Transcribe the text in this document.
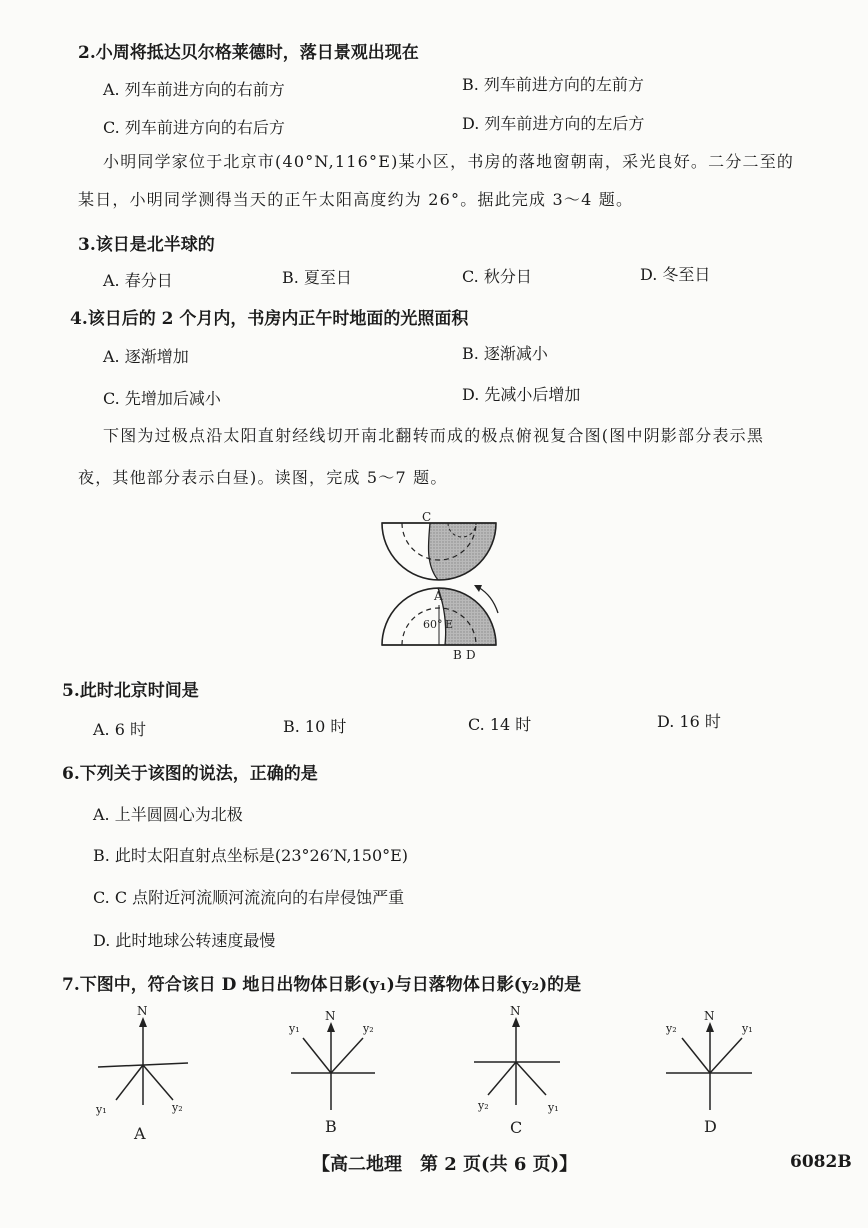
2.小周将抵达贝尔格莱德时，落日景观出现在
A. 列车前进方向的右前方	B. 列车前进方向的左前方
C. 列车前进方向的右后方	D. 列车前进方向的左后方
小明同学家位于北京市(40°N,116°E)某小区，书房的落地窗朝南，采光良好。二分二至的
某日，小明同学测得当天的正午太阳高度约为 26°。据此完成 3～4 题。
3.该日是北半球的
A. 春分日	B. 夏至日	C. 秋分日	D. 冬至日
4.该日后的 2 个月内，书房内正午时地面的光照面积
A. 逐渐增加	B. 逐渐减小
C. 先增加后减小	D. 先减小后增加
下图为过极点沿太阳直射经线切开南北翻转而成的极点俯视复合图(图中阴影部分表示黑
夜，其他部分表示白昼)。读图，完成 5～7 题。
C
A
60° E
B D
5.此时北京时间是
A. 6 时	B. 10 时	C. 14 时	D. 16 时
6.下列关于该图的说法，正确的是
A. 上半圆圆心为北极
B. 此时太阳直射点坐标是(23°26′N,150°E)
C. C 点附近河流顺河流流向的右岸侵蚀严重
D. 此时地球公转速度最慢
7.下图中，符合该日 D 地日出物体日影(y₁)与日落物体日影(y₂)的是
N
y₁	y₂
A
N
y₁	y₂
B
N
y₂	y₁
C
N
y₂	y₁
D
【高二地理　第 2 页(共 6 页)】	6082B
